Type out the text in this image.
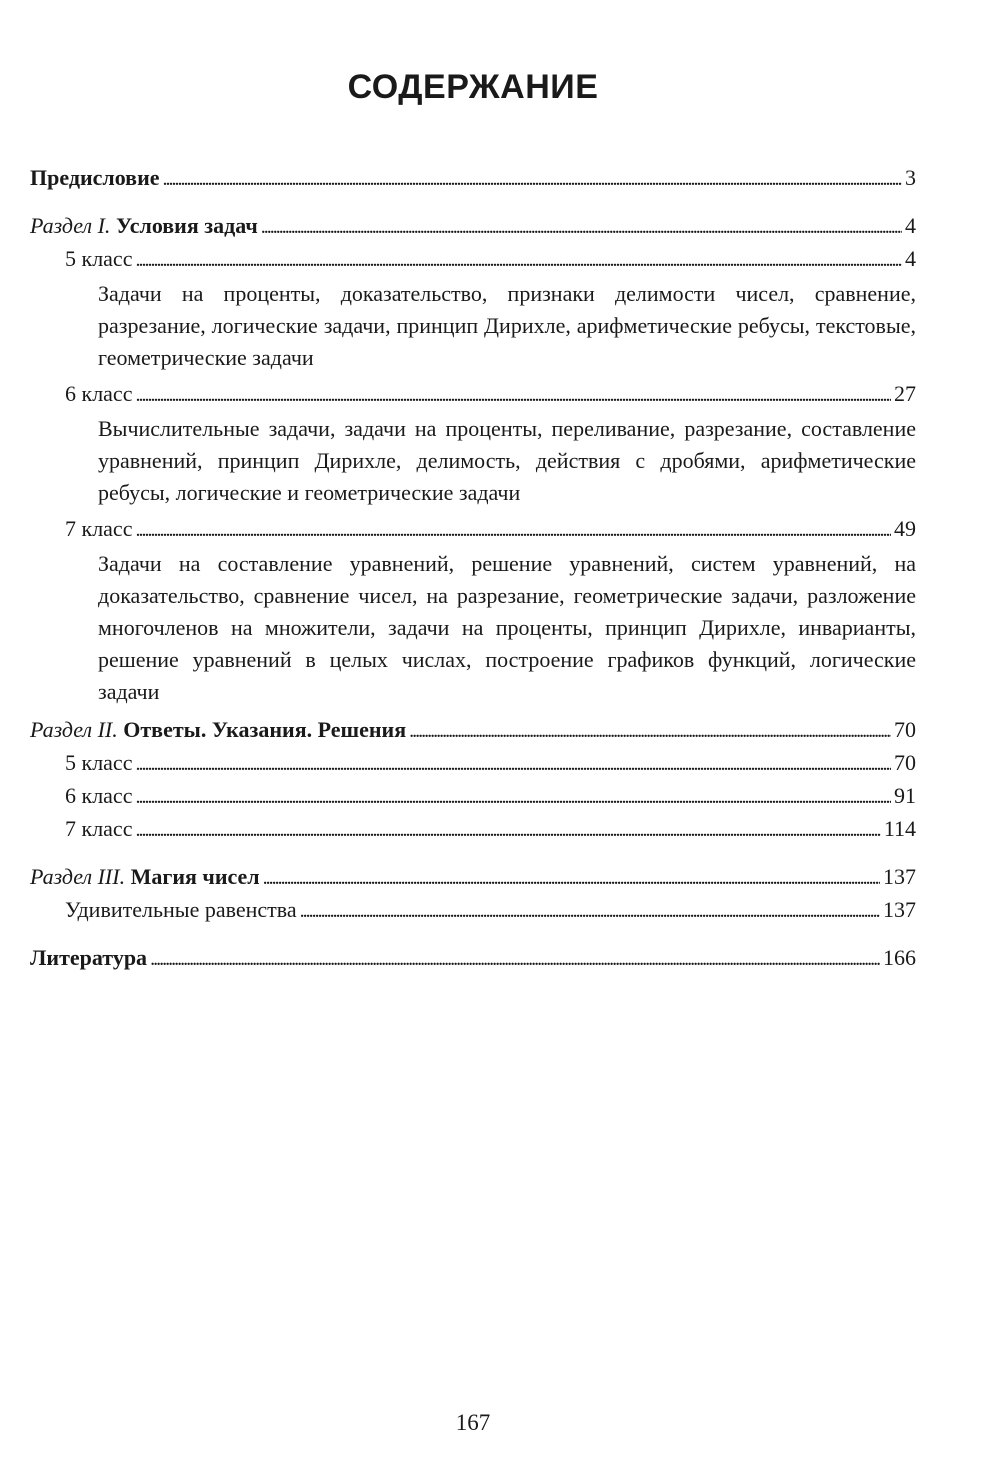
СОДЕРЖАНИЕ
Предисловие . . .	3
Раздел I. Условия задач . . .	4
5 класс . . .	4
Задачи на проценты, доказательство, признаки делимости чисел, сравнение, разрезание, логические задачи, принцип Дирихле, арифметические ребусы, текстовые, геометрические задачи
6 класс . . .	27
Вычислительные задачи, задачи на проценты, переливание, разрезание, составление уравнений, принцип Дирихле, делимость, действия с дробями, арифметические ребусы, логические и геометрические задачи
7 класс . . .	49
Задачи на составление уравнений, решение уравнений, систем уравнений, на доказательство, сравнение чисел, на разрезание, геометрические задачи, разложение многочленов на множители, задачи на проценты, принцип Дирихле, инварианты, решение уравнений в целых числах, построение графиков функций, логические задачи
Раздел II. Ответы. Указания. Решения . . .	70
5 класс . . .	70
6 класс . . .	91
7 класс . . .	114
Раздел III. Магия чисел . . .	137
Удивительные равенства . . .	137
Литература . . .	166
167
